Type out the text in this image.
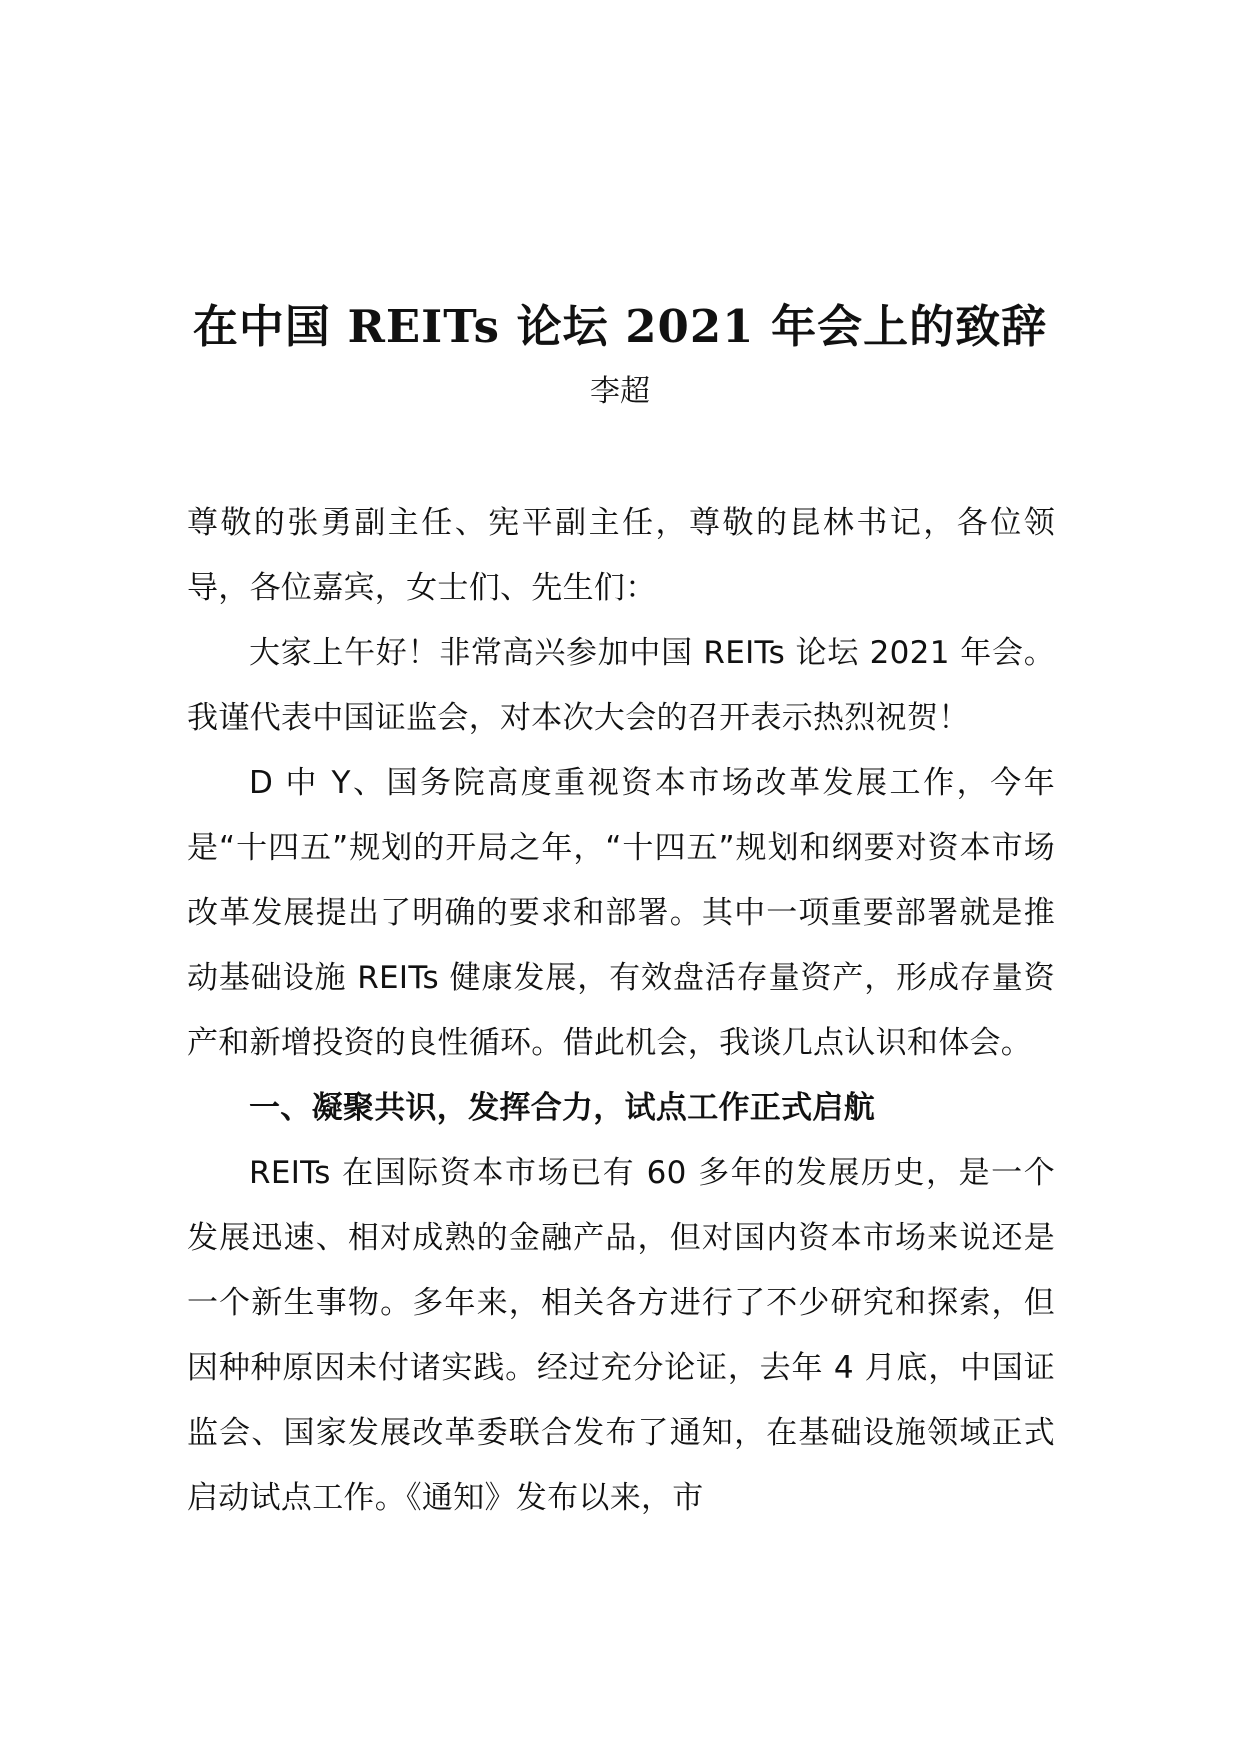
在中国 REITs 论坛 2021 年会上的致辞
李超

尊敬的张勇副主任、宪平副主任，尊敬的昆林书记，各位领导，各位嘉宾，女士们、先生们：

大家上午好！非常高兴参加中国 REITs 论坛 2021 年会。我谨代表中国证监会，对本次大会的召开表示热烈祝贺！

D 中 Y、国务院高度重视资本市场改革发展工作，今年是“十四五”规划的开局之年，“十四五”规划和纲要对资本市场改革发展提出了明确的要求和部署。其中一项重要部署就是推动基础设施 REITs 健康发展，有效盘活存量资产，形成存量资产和新增投资的良性循环。借此机会，我谈几点认识和体会。

一、凝聚共识，发挥合力，试点工作正式启航

REITs 在国际资本市场已有 60 多年的发展历史，是一个发展迅速、相对成熟的金融产品，但对国内资本市场来说还是一个新生事物。多年来，相关各方进行了不少研究和探索，但因种种原因未付诸实践。经过充分论证，去年 4 月底，中国证监会、国家发展改革委联合发布了通知，在基础设施领域正式启动试点工作。《通知》发布以来，市
